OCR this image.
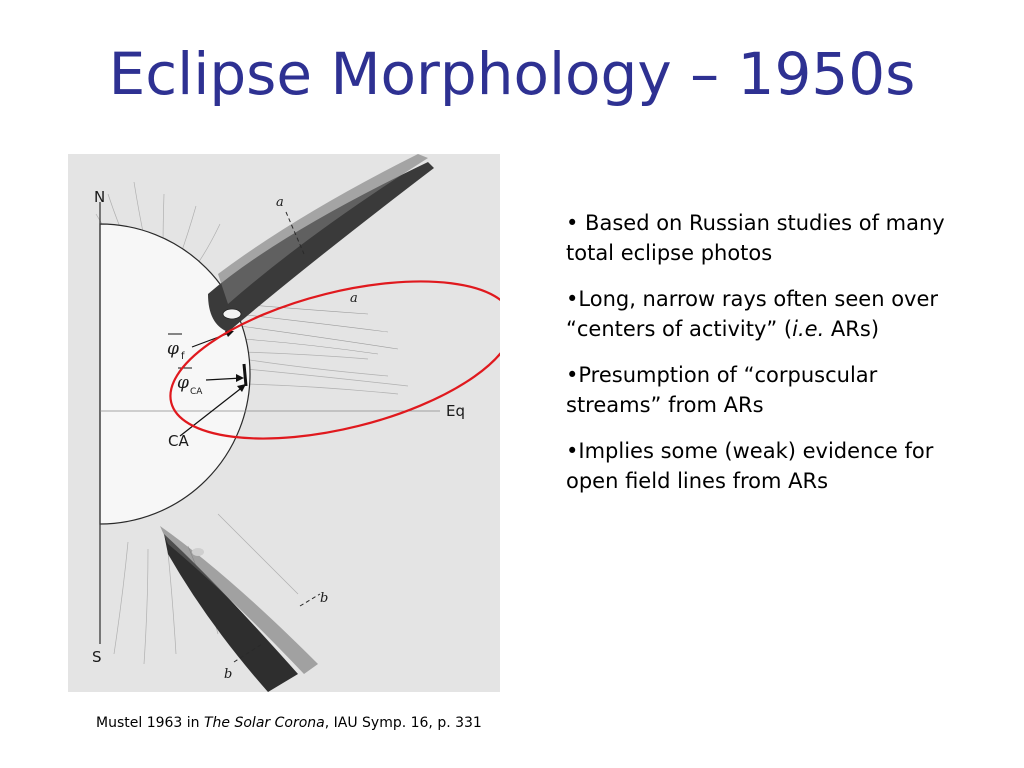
Eclipse Morphology – 1950s
N
S
Eq
CA
a
a
b
b
φ f
φ CA
• Based on Russian studies of many total eclipse photos
•Long, narrow rays often seen over “centers of activity” (i.e. ARs)
•Presumption of “corpuscular streams” from ARs
•Implies some (weak) evidence for open field lines from ARs
Mustel 1963 in The Solar Corona, IAU Symp. 16, p. 331
